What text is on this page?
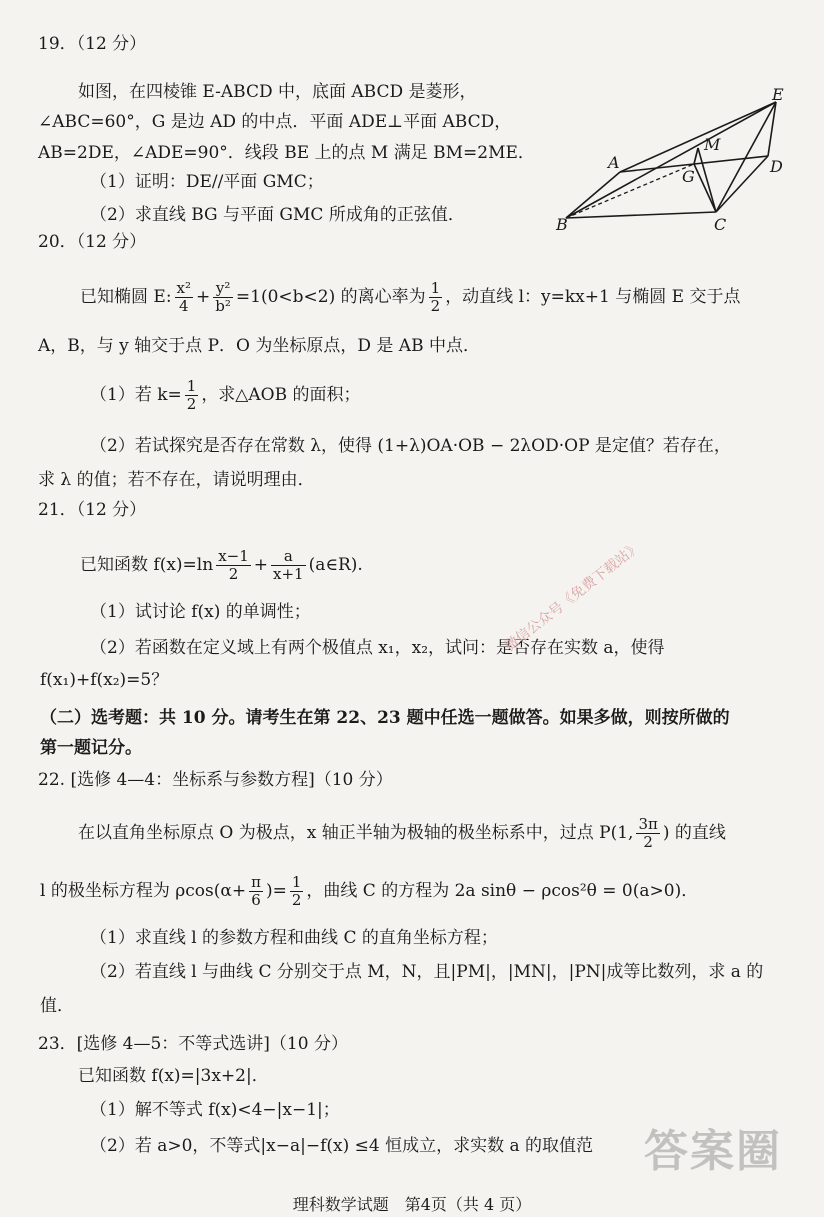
19．（12 分）
如图，在四棱锥 E-ABCD 中，底面 ABCD 是菱形，
∠ABC=60°，G 是边 AD 的中点．平面 ADE⊥平面 ABCD，
AB=2DE，∠ADE=90°．线段 BE 上的点 M 满足 BM=2ME．
（1）证明：DE//平面 GMC；
（2）求直线 BG 与平面 GMC 所成角的正弦值．
E
A
M
G
D
B	C
20．（12 分）
已知椭圆 E: $\frac{\text{x²}}{4} + \frac{\text{y²}}{\text{b²}} =1(0<b<2)$ 的离心率为 $\frac{1}{2}$ ，动直线 l：y=kx+1 与椭圆 E 交于点
A，B，与 y 轴交于点 P．O 为坐标原点，D 是 AB 中点．
（1）若 $k= \frac{1}{2}$ ，求△AOB 的面积；
（2）若试探究是否存在常数 λ，使得 (1+λ)OA·OB − 2λOD·OP 是定值？若存在，
求 λ 的值；若不存在，请说明理由．
21．（12 分）
已知函数 $f(x)=\ln \frac{x-1}{2} + \frac{a}{x+1}$ (a∈R).
（1）试讨论 f(x) 的单调性；
（2）若函数在定义域上有两个极值点 x₁，x₂，试问：是否存在实数 a，使得
f(x₁)+f(x₂)=5？
（二）选考题：共 10 分。请考生在第 22、23 题中任选一题做答。如果多做，则按所做的
第一题记分。
22. [选修 4—4：坐标系与参数方程]（10 分）
在以直角坐标原点 O 为极点，x 轴正半轴为极轴的极坐标系中，过点 P(1, $\frac{3\pi}{2}$ ) 的直线
l 的极坐标方程为 $\rho\cos(\alpha+ \frac{\pi}{6}$ )= $\frac{1}{2}$ ，曲线 C 的方程为 2a sinθ − ρcos²θ = 0(a>0)．
（1）求直线 l 的参数方程和曲线 C 的直角坐标方程；
（2）若直线 l 与曲线 C 分别交于点 M，N，且|PM|，|MN|，|PN|成等比数列，求 a 的
值．
23．[选修 4—5：不等式选讲]（10 分）
已知函数 f(x)=|3x+2|．
（1）解不等式 f(x)<4−|x−1|；
（2）若 a>0，不等式|x−a|−f(x) ≤4 恒成立，求实数 a 的取值范
微信公众号《免费下载站》
答案圈
理科数学试题　第4页（共 4 页）
